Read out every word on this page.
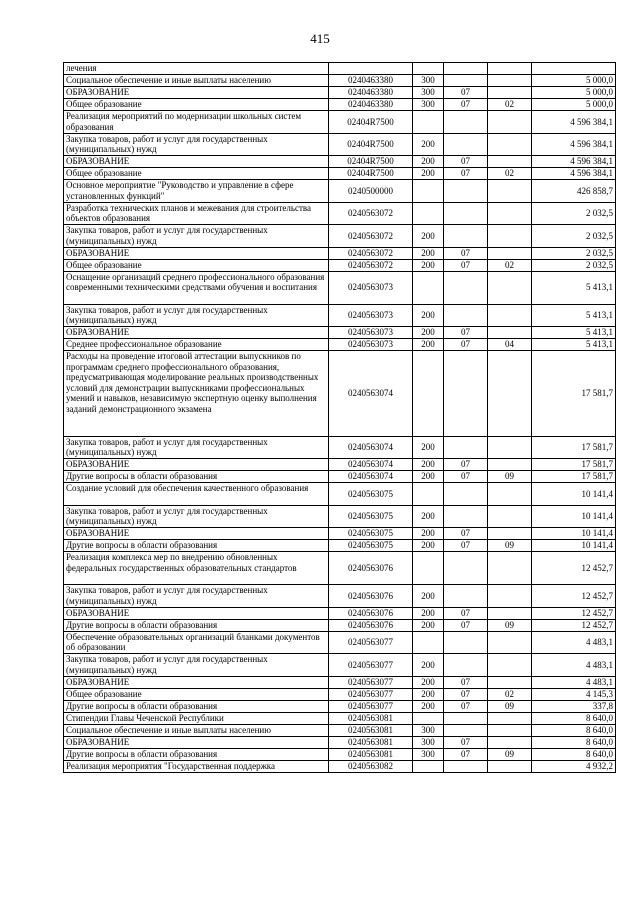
415
лечения					
Социальное обеспечение и иные выплаты населению	0240463380	300			5 000,0
ОБРАЗОВАНИЕ	0240463380	300	07		5 000,0
Общее образование	0240463380	300	07	02	5 000,0
Реализация мероприятий по модернизации школьных систем образования	02404R7500				4 596 384,1
Закупка товаров, работ и услуг для государственных (муниципальных) нужд	02404R7500	200			4 596 384,1
ОБРАЗОВАНИЕ	02404R7500	200	07		4 596 384,1
Общее образование	02404R7500	200	07	02	4 596 384,1
Основное мероприятие "Руководство и управление в сфере установленных функций"	0240500000				426 858,7
Разработка технических планов и межевания для строительства объектов образования	0240563072				2 032,5
Закупка товаров, работ и услуг для государственных (муниципальных) нужд	0240563072	200			2 032,5
ОБРАЗОВАНИЕ	0240563072	200	07		2 032,5
Общее образование	0240563072	200	07	02	2 032,5
Оснащение организаций среднего профессионального образования современными техническими средствами обучения и воспитания	0240563073				5 413,1
Закупка товаров, работ и услуг для государственных (муниципальных) нужд	0240563073	200			5 413,1
ОБРАЗОВАНИЕ	0240563073	200	07		5 413,1
Среднее профессиональное образование	0240563073	200	07	04	5 413,1
Расходы на проведение итоговой аттестации выпускников по программам среднего профессионального образования, предусматривающая моделирование реальных производственных условий для демонстрации выпускниками профессиональных умений и навыков, независимую экспертную оценку выполнения заданий демонстрационного экзамена	0240563074				17 581,7
Закупка товаров, работ и услуг для государственных (муниципальных) нужд	0240563074	200			17 581,7
ОБРАЗОВАНИЕ	0240563074	200	07		17 581,7
Другие вопросы в области образования	0240563074	200	07	09	17 581,7
Создание условий для обеспечения качественного образования	0240563075				10 141,4
Закупка товаров, работ и услуг для государственных (муниципальных) нужд	0240563075	200			10 141,4
ОБРАЗОВАНИЕ	0240563075	200	07		10 141,4
Другие вопросы в области образования	0240563075	200	07	09	10 141,4
Реализация комплекса мер по внедрению обновленных федеральных государственных образовательных стандартов	0240563076				12 452,7
Закупка товаров, работ и услуг для государственных (муниципальных) нужд	0240563076	200			12 452,7
ОБРАЗОВАНИЕ	0240563076	200	07		12 452,7
Другие вопросы в области образования	0240563076	200	07	09	12 452,7
Обеспечение образовательных организаций бланками документов об образовании	0240563077				4 483,1
Закупка товаров, работ и услуг для государственных (муниципальных) нужд	0240563077	200			4 483,1
ОБРАЗОВАНИЕ	0240563077	200	07		4 483,1
Общее образование	0240563077	200	07	02	4 145,3
Другие вопросы в области образования	0240563077	200	07	09	337,8
Стипендии Главы Чеченской Республики	0240563081				8 640,0
Социальное обеспечение и иные выплаты населению	0240563081	300			8 640,0
ОБРАЗОВАНИЕ	0240563081	300	07		8 640,0
Другие вопросы в области образования	0240563081	300	07	09	8 640,0
Реализация мероприятия "Государственная поддержка	0240563082				4 932,2
